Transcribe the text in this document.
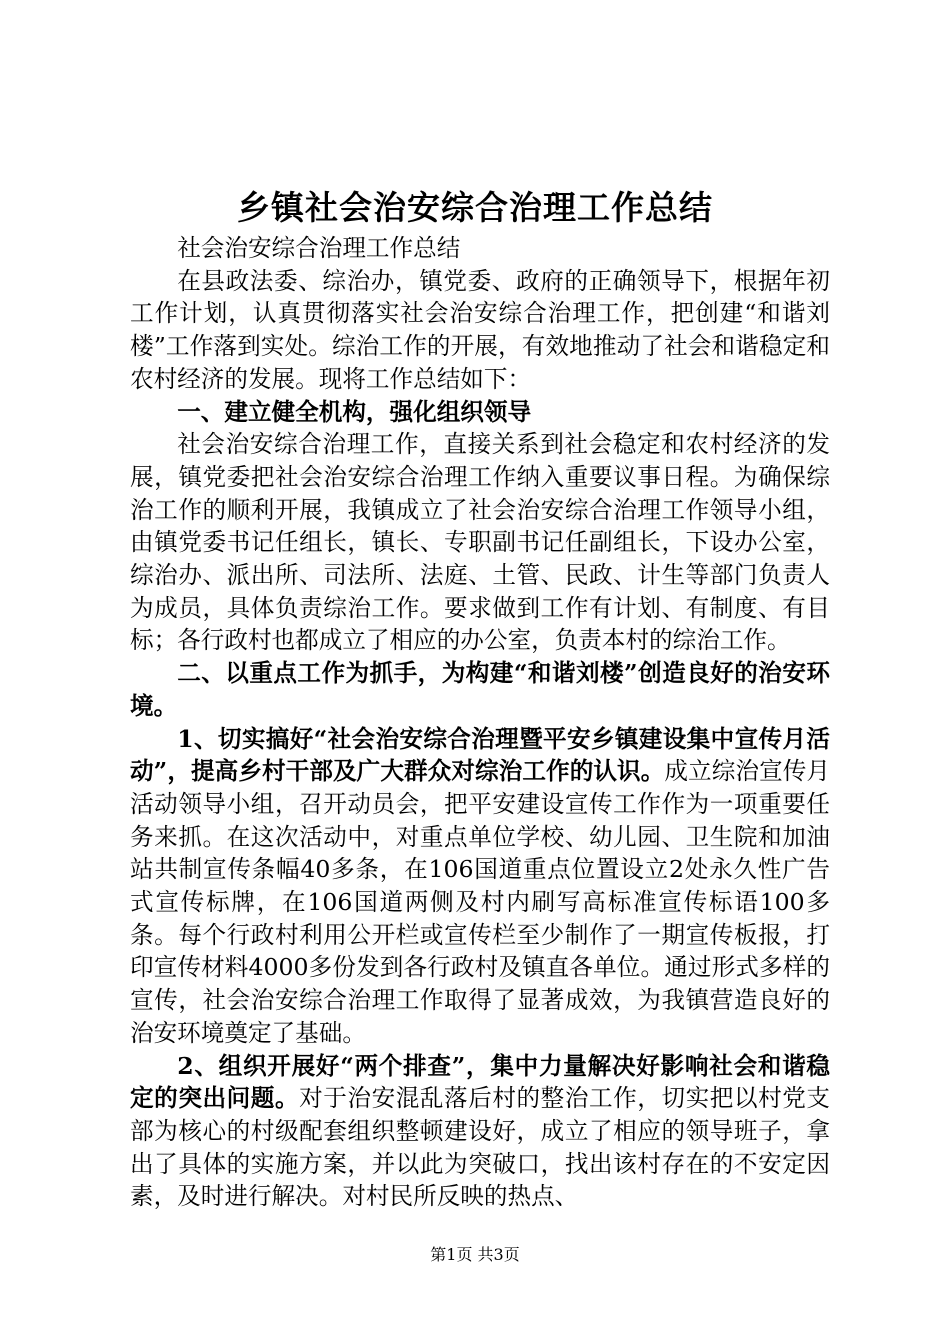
乡镇社会治安综合治理工作总结

社会治安综合治理工作总结

在县政法委、综治办，镇党委、政府的正确领导下，根据年初工作计划，认真贯彻落实社会治安综合治理工作，把创建“和谐刘楼”工作落到实处。综治工作的开展，有效地推动了社会和谐稳定和农村经济的发展。现将工作总结如下：

一、建立健全机构，强化组织领导

社会治安综合治理工作，直接关系到社会稳定和农村经济的发展，镇党委把社会治安综合治理工作纳入重要议事日程。为确保综治工作的顺利开展，我镇成立了社会治安综合治理工作领导小组，由镇党委书记任组长，镇长、专职副书记任副组长，下设办公室，综治办、派出所、司法所、法庭、土管、民政、计生等部门负责人为成员，具体负责综治工作。要求做到工作有计划、有制度、有目标；各行政村也都成立了相应的办公室，负责本村的综治工作。

二、以重点工作为抓手，为构建“和谐刘楼”创造良好的治安环境。

1、切实搞好“社会治安综合治理暨平安乡镇建设集中宣传月活动”，提高乡村干部及广大群众对综治工作的认识。成立综治宣传月活动领导小组，召开动员会，把平安建设宣传工作作为一项重要任务来抓。在这次活动中，对重点单位学校、幼儿园、卫生院和加油站共制宣传条幅40多条，在106国道重点位置设立2处永久性广告式宣传标牌，在106国道两侧及村内刷写高标准宣传标语100多条。每个行政村利用公开栏或宣传栏至少制作了一期宣传板报，打印宣传材料4000多份发到各行政村及镇直各单位。通过形式多样的宣传，社会治安综合治理工作取得了显著成效，为我镇营造良好的治安环境奠定了基础。

2、组织开展好“两个排查”，集中力量解决好影响社会和谐稳定的突出问题。对于治安混乱落后村的整治工作，切实把以村党支部为核心的村级配套组织整顿建设好，成立了相应的领导班子，拿出了具体的实施方案，并以此为突破口，找出该村存在的不安定因素，及时进行解决。对村民所反映的热点、

第1页 共3页
